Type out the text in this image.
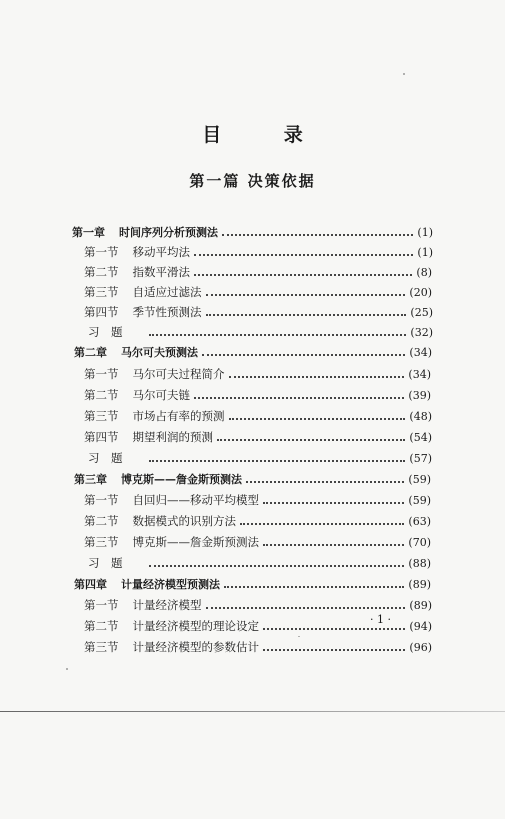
目 录
第一篇 决策依据
第一章 时间序列分析预测法	(1)
第一节 移动平均法	(1)
第二节 指数平滑法	(8)
第三节 自适应过滤法	(20)
第四节 季节性预测法	(25)
习　题	(32)
第二章 马尔可夫预测法	(34)
第一节 马尔可夫过程简介	(34)
第二节 马尔可夫链	(39)
第三节 市场占有率的预测	(48)
第四节 期望利润的预测	(54)
习　题	(57)
第三章 博克斯——詹金斯预测法	(59)
第一节 自回归——移动平均模型	(59)
第二节 数据模式的识别方法	(63)
第三节 博克斯——詹金斯预测法	(70)
习　题	(88)
第四章 计量经济模型预测法	(89)
第一节 计量经济模型	(89)
第二节 计量经济模型的理论设定	(94)
第三节 计量经济模型的参数估计	(96)
· 1 ·
